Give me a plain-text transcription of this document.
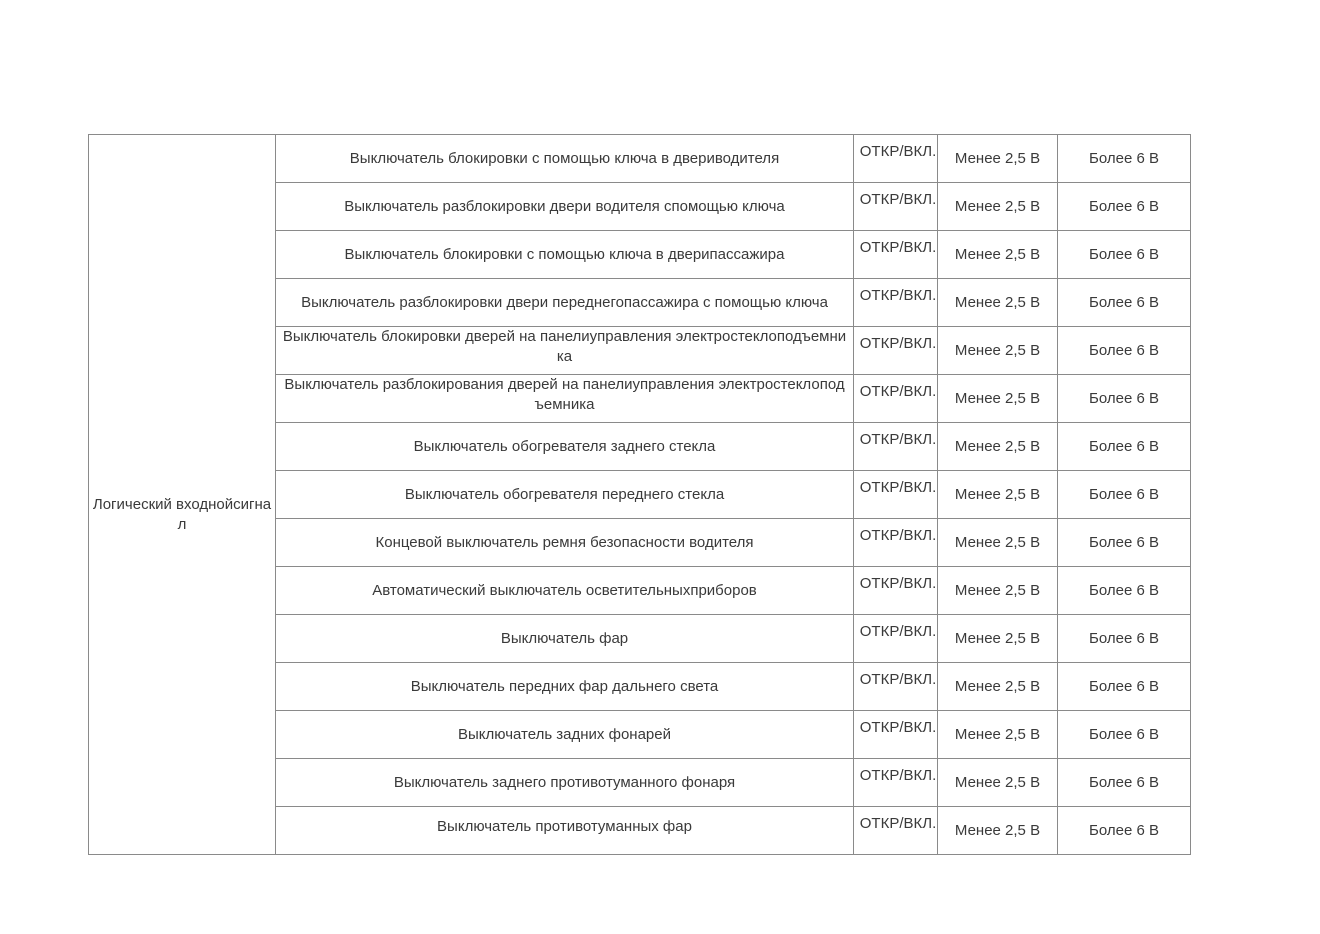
Логический входнойсигнал	Выключатель блокировки с помощью ключа в двериводителя	ОТКР/ВКЛ.	Менее 2,5 В	Более 6 В
	Выключатель разблокировки двери водителя спомощью ключа	ОТКР/ВКЛ.	Менее 2,5 В	Более 6 В
	Выключатель блокировки с помощью ключа в дверипассажира	ОТКР/ВКЛ.	Менее 2,5 В	Более 6 В
	Выключатель разблокировки двери переднегопассажира с помощью ключа	ОТКР/ВКЛ.	Менее 2,5 В	Более 6 В
	Выключатель блокировки дверей на панелиуправления электростеклоподъемника	ОТКР/ВКЛ.	Менее 2,5 В	Более 6 В
	Выключатель разблокирования дверей на панелиуправления электростеклоподъемника	ОТКР/ВКЛ.	Менее 2,5 В	Более 6 В
	Выключатель обогревателя заднего стекла	ОТКР/ВКЛ.	Менее 2,5 В	Более 6 В
	Выключатель обогревателя переднего стекла	ОТКР/ВКЛ.	Менее 2,5 В	Более 6 В
	Концевой выключатель ремня безопасности водителя	ОТКР/ВКЛ.	Менее 2,5 В	Более 6 В
	Автоматический выключатель осветительныхприборов	ОТКР/ВКЛ.	Менее 2,5 В	Более 6 В
	Выключатель фар	ОТКР/ВКЛ.	Менее 2,5 В	Более 6 В
	Выключатель передних фар дальнего света	ОТКР/ВКЛ.	Менее 2,5 В	Более 6 В
	Выключатель задних фонарей	ОТКР/ВКЛ.	Менее 2,5 В	Более 6 В
	Выключатель заднего противотуманного фонаря	ОТКР/ВКЛ.	Менее 2,5 В	Более 6 В
	Выключатель противотуманных фар	ОТКР/ВКЛ.	Менее 2,5 В	Более 6 В
